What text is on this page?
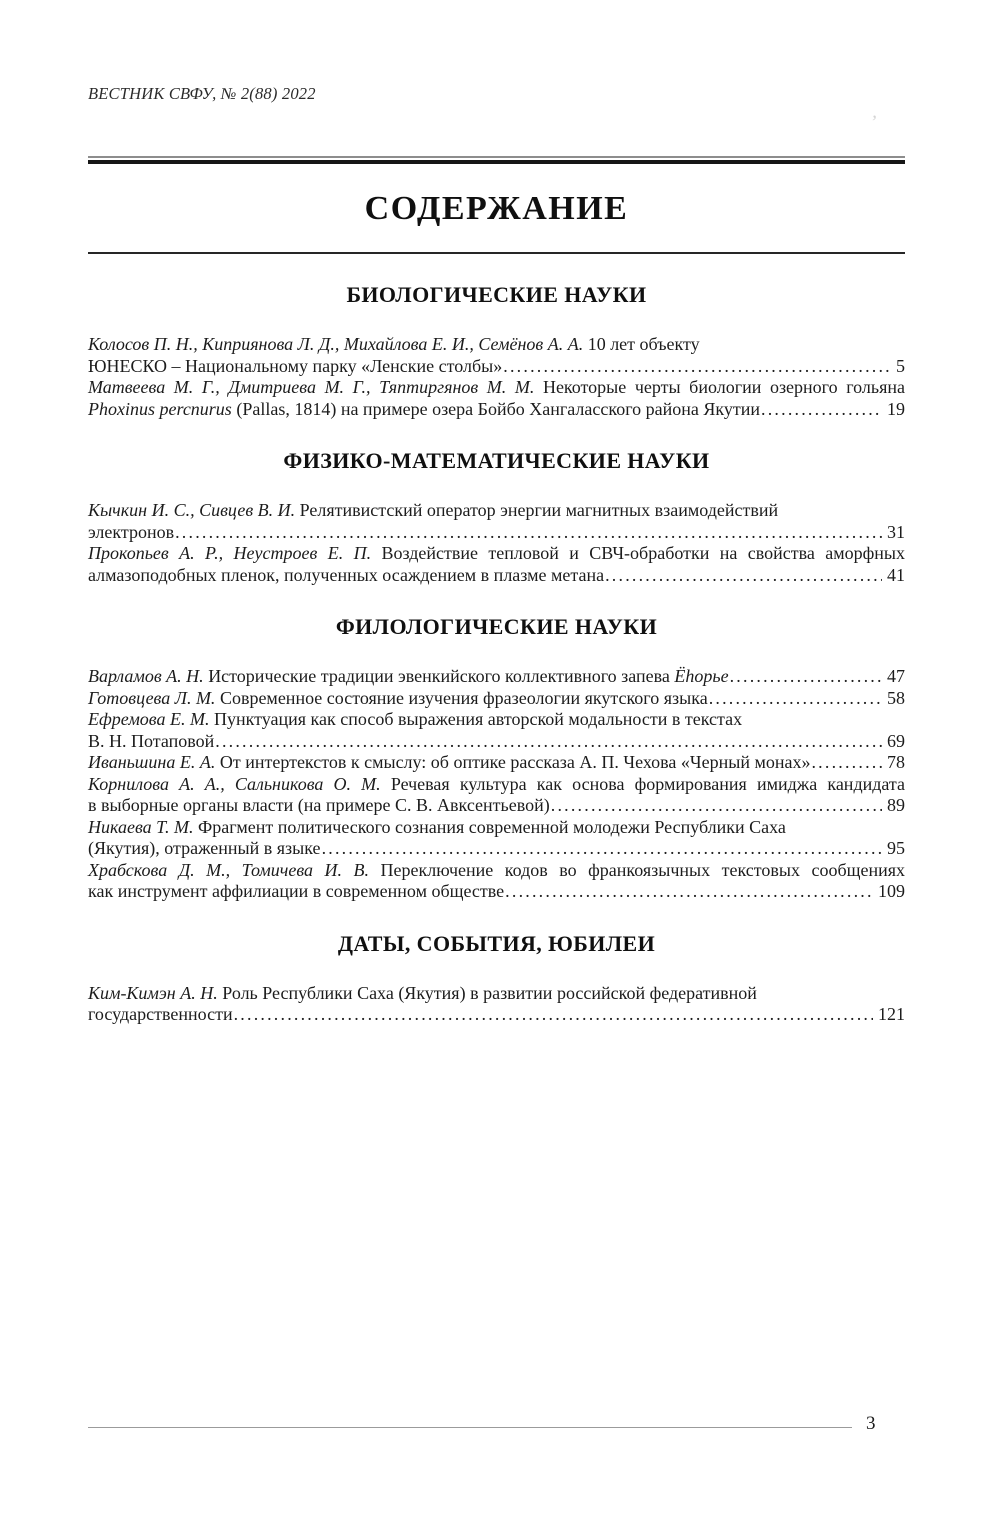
ВЕСТНИК СВФУ, № 2(88) 2022
СОДЕРЖАНИЕ
БИОЛОГИЧЕСКИЕ НАУКИ
Колосов П. Н., Киприянова Л. Д., Михайлова Е. И., Семёнов А. А. 10 лет объекту
ЮНЕСКО – Национальному парку «Ленские столбы» .....	5
Матвеева М. Г., Дмитриева М. Г., Тяптиргянов М. М. Некоторые черты биологии озерного гольяна
Phoxinus percnurus (Pallas, 1814) на примере озера Бойбо Хангаласского района Якутии .....	19
ФИЗИКО-МАТЕМАТИЧЕСКИЕ НАУКИ
Кычкин И. С., Сивцев В. И. Релятивистский оператор энергии магнитных взаимодействий
электронов .....	31
Прокопьев А. Р., Неустроев Е. П. Воздействие тепловой и СВЧ-обработки на свойства аморфных
алмазоподобных пленок, полученных осаждением в плазме метана .....	41
ФИЛОЛОГИЧЕСКИЕ НАУКИ
Варламов А. Н. Исторические традиции эвенкийского коллективного запева Ёһорье .....	47
Готовцева Л. М. Современное состояние изучения фразеологии якутского языка .....	58
Ефремова Е. М. Пунктуация как способ выражения авторской модальности в текстах
В. Н. Потаповой .....	69
Иваньшина Е. А. От интертекстов к смыслу: об оптике рассказа А. П. Чехова «Черный монах» .....	78
Корнилова А. А., Сальникова О. М. Речевая культура как основа формирования имиджа кандидата
в выборные органы власти (на примере С. В. Авксентьевой) .....	89
Никаева Т. М. Фрагмент политического сознания современной молодежи Республики Саха
(Якутия), отраженный в языке .....	95
Храбскова Д. М., Томичева И. В. Переключение кодов во франкоязычных текстовых сообщениях
как инструмент аффилиации в современном обществе .....	109
ДАТЫ, СОБЫТИЯ, ЮБИЛЕИ
Ким-Кимэн А. Н. Роль Республики Саха (Якутия) в развитии российской федеративной
государственности .....	121
ʼ
3
